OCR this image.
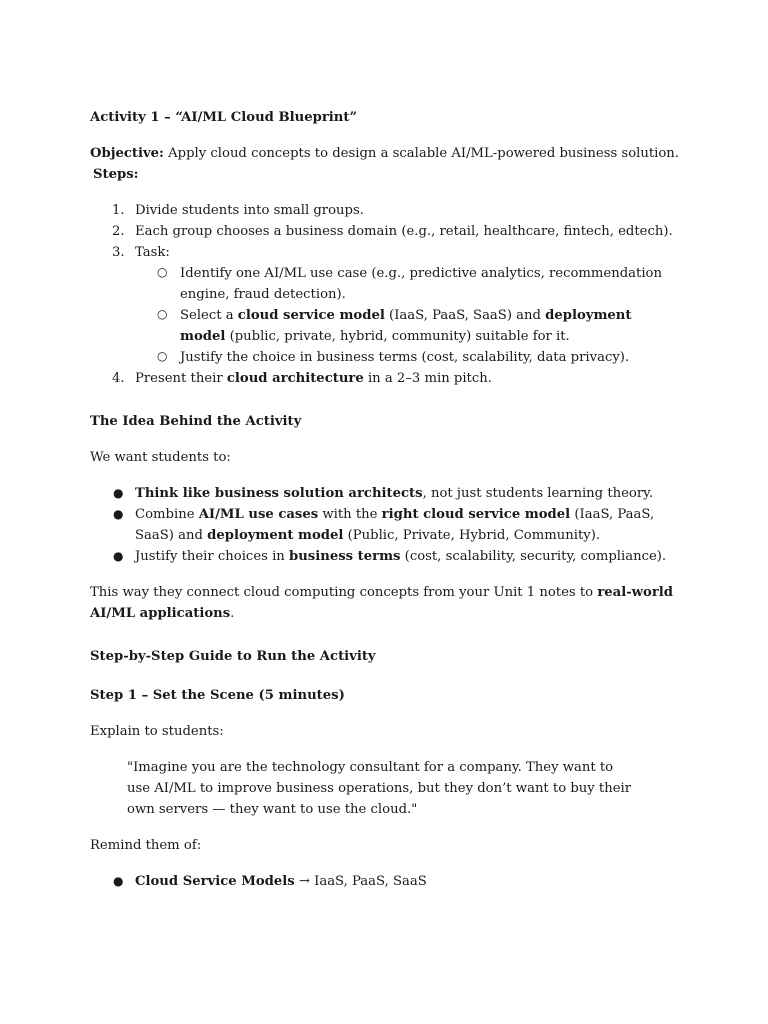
Activity 1 – “AI/ML Cloud Blueprint”

Objective: Apply cloud concepts to design a scalable AI/ML-powered business solution.

Steps:

1. Divide students into small groups.
2. Each group chooses a business domain (e.g., retail, healthcare, fintech, edtech).
3. Task:
○ Identify one AI/ML use case (e.g., predictive analytics, recommendation engine, fraud detection).
○ Select a cloud service model (IaaS, PaaS, SaaS) and deployment model (public, private, hybrid, community) suitable for it.
○ Justify the choice in business terms (cost, scalability, data privacy).
4. Present their cloud architecture in a 2–3 min pitch.

The Idea Behind the Activity

We want students to:

● Think like business solution architects, not just students learning theory.
● Combine AI/ML use cases with the right cloud service model (IaaS, PaaS, SaaS) and deployment model (Public, Private, Hybrid, Community).
● Justify their choices in business terms (cost, scalability, security, compliance).

This way they connect cloud computing concepts from your Unit 1 notes to real-world AI/ML applications.

Step-by-Step Guide to Run the Activity

Step 1 – Set the Scene (5 minutes)

Explain to students:

"Imagine you are the technology consultant for a company. They want to use AI/ML to improve business operations, but they don’t want to buy their own servers — they want to use the cloud."

Remind them of:

● Cloud Service Models → IaaS, PaaS, SaaS
